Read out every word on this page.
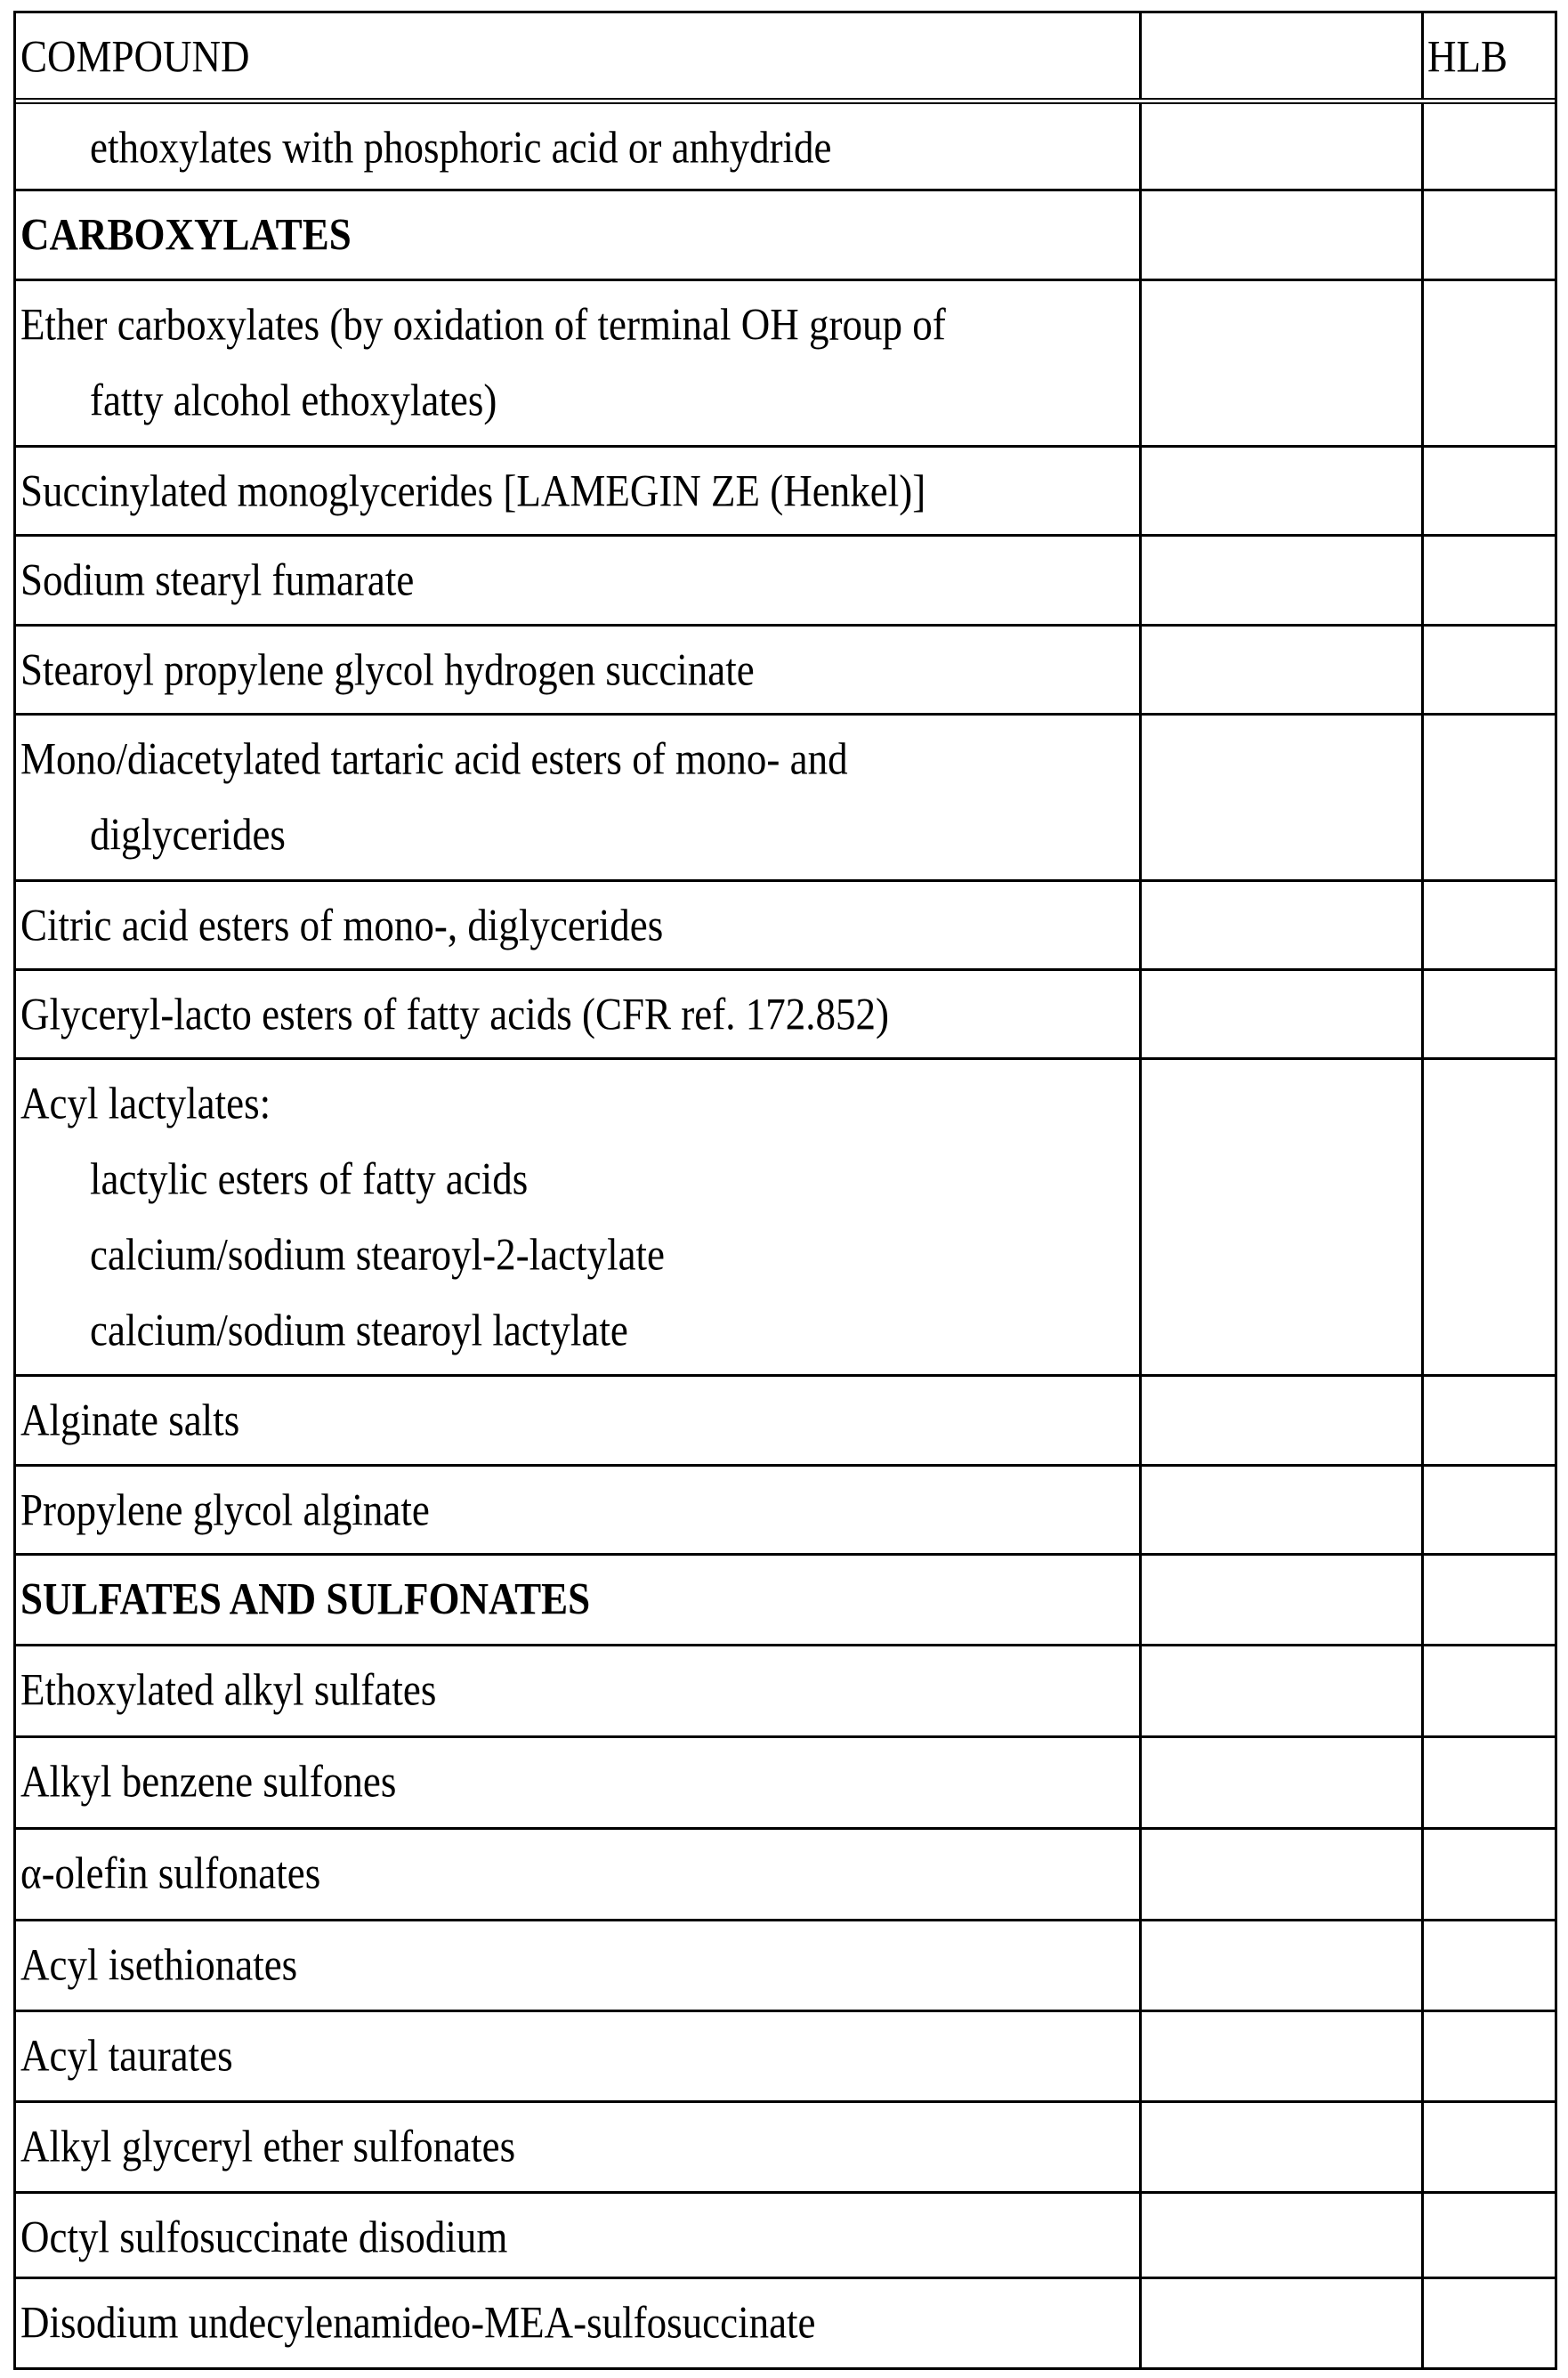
COMPOUND	HLB
ethoxylates with phosphoric acid or anhydride
CARBOXYLATES
Ether carboxylates (by oxidation of terminal OH group of
fatty alcohol ethoxylates)
Succinylated monoglycerides [LAMEGIN ZE (Henkel)]
Sodium stearyl fumarate
Stearoyl propylene glycol hydrogen succinate
Mono/diacetylated tartaric acid esters of mono- and
diglycerides
Citric acid esters of mono-, diglycerides
Glyceryl-lacto esters of fatty acids (CFR ref. 172.852)
Acyl lactylates:
lactylic esters of fatty acids
calcium/sodium stearoyl-2-lactylate
calcium/sodium stearoyl lactylate
Alginate salts
Propylene glycol alginate
SULFATES AND SULFONATES
Ethoxylated alkyl sulfates
Alkyl benzene sulfones
α-olefin sulfonates
Acyl isethionates
Acyl taurates
Alkyl glyceryl ether sulfonates
Octyl sulfosuccinate disodium
Disodium undecylenamideo-MEA-sulfosuccinate
